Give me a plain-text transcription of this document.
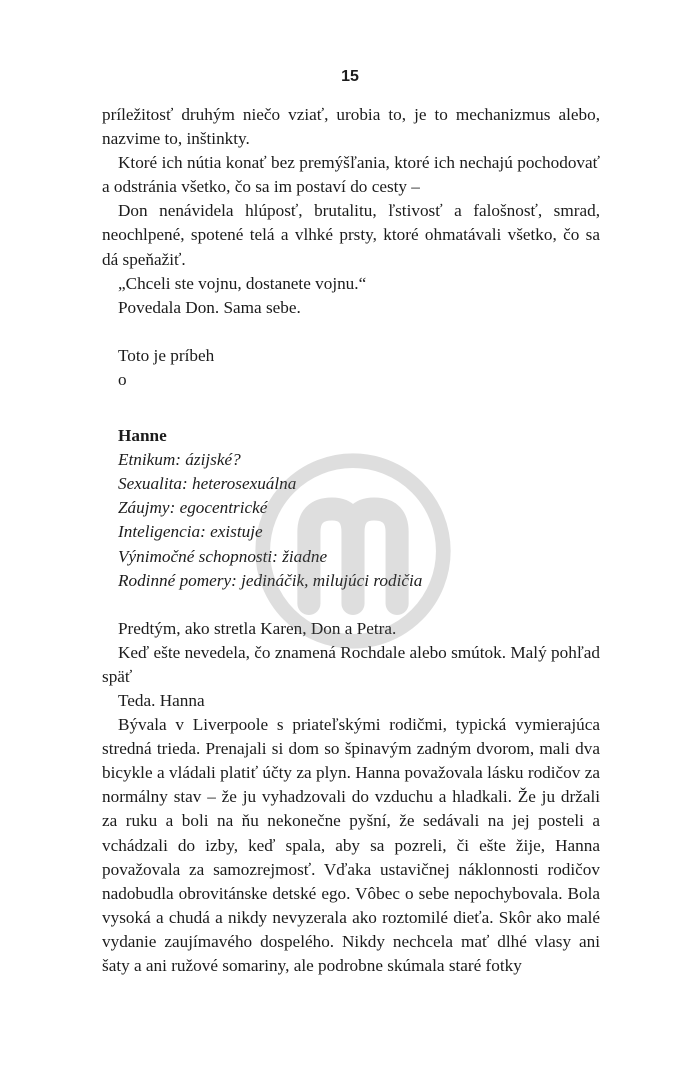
15

príležitosť druhým niečo vziať, urobia to, je to mechanizmus alebo, nazvime to, inštinkty.

Ktoré ich nútia konať bez premýšľania, ktoré ich nechajú pochodovať a odstránia všetko, čo sa im postaví do cesty –

Don nenávidela hlúposť, brutalitu, ľstivosť a falošnosť, smrad, neochlpené, spotené telá a vlhké prsty, ktoré ohmatávali všetko, čo sa dá speňažiť.

„Chceli ste vojnu, dostanete vojnu.“

Povedala Don. Sama sebe.

Toto je príbeh

o

Hanne

Etnikum: ázijské?

Sexualita: heterosexuálna

Záujmy: egocentrické

Inteligencia: existuje

Výnimočné schopnosti: žiadne

Rodinné pomery: jedináčik, milujúci rodičia

Predtým, ako stretla Karen, Don a Petra.

Keď ešte nevedela, čo znamená Rochdale alebo smútok. Malý pohľad späť

Teda. Hanna

Bývala v Liverpoole s priateľskými rodičmi, typická vymierajúca stredná trieda. Prenajali si dom so špinavým zadným dvorom, mali dva bicykle a vládali platiť účty za plyn. Hanna považovala lásku rodičov za normálny stav – že ju vyhadzovali do vzduchu a hladkali. Že ju držali za ruku a boli na ňu nekonečne pyšní, že sedávali na jej posteli a vchádzali do izby, keď spala, aby sa pozreli, či ešte žije, Hanna považovala za samozrejmosť. Vďaka ustavičnej náklonnosti rodičov nadobudla obrovitánske detské ego. Vôbec o sebe nepochybovala. Bola vysoká a chudá a nikdy nevyzerala ako roztomilé dieťa. Skôr ako malé vydanie zaujímavého dospelého. Nikdy nechcela mať dlhé vlasy ani šaty a ani ružové somariny, ale podrobne skúmala staré fotky
